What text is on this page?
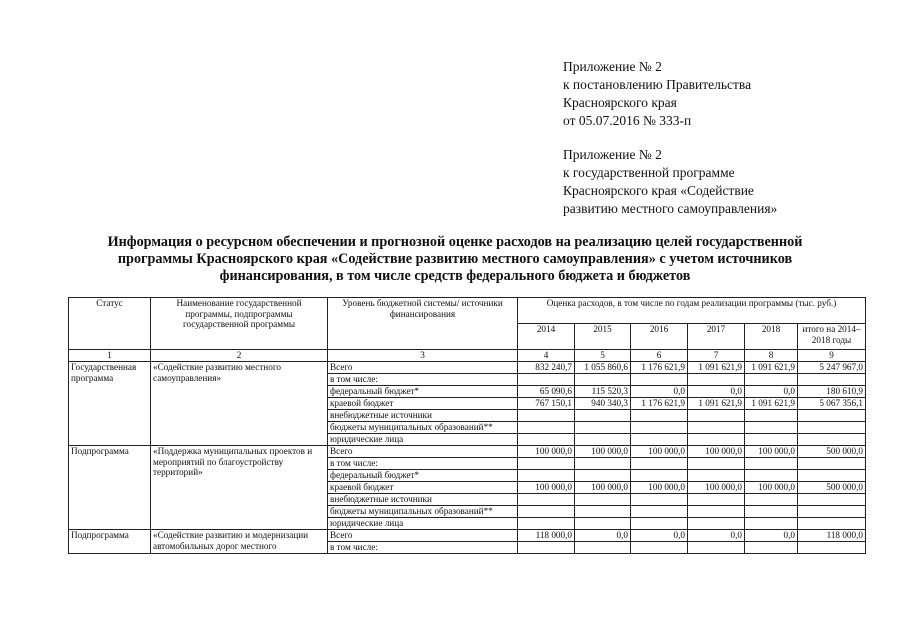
Приложение № 2
к постановлению Правительства
Красноярского края
от 05.07.2016 № 333-п
Приложение № 2
к государственной программе
Красноярского края «Содействие
развитию местного самоуправления»
Информация о ресурсном обеспечении и прогнозной оценке расходов на реализацию целей государственной
программы Красноярского края «Содействие развитию местного самоуправления» с учетом источников
финансирования, в том числе средств федерального бюджета и бюджетов
Статус	Наименование государственной программы, подпрограммы государственной программы	Уровень бюджетной системы/ источники финансирования	Оценка расходов, в том числе по годам реализации программы (тыс. руб.)					
			2014	2015	2016	2017	2018	итого на 2014–2018 годы
1	2	3	4	5	6	7	8	9
Государственная программа	«Содействие развитию местного самоуправления»	Всего	832 240,7	1 055 860,6	1 176 621,9	1 091 621,9	1 091 621,9	5 247 967,0
		в том числе:						
		федеральный бюджет*	65 090,6	115 520,3	0,0	0,0	0,0	180 610,9
		краевой бюджет	767 150,1	940 340,3	1 176 621,9	1 091 621,9	1 091 621,9	5 067 356,1
		внебюджетные источники						
		бюджеты муниципальных образований**						
		юридические лица						
Подпрограмма	«Поддержка муниципальных проектов и мероприятий по благоустройству территорий»	Всего	100 000,0	100 000,0	100 000,0	100 000,0	100 000,0	500 000,0
		в том числе:						
		федеральный бюджет*						
		краевой бюджет	100 000,0	100 000,0	100 000,0	100 000,0	100 000,0	500 000,0
		внебюджетные источники						
		бюджеты муниципальных образований**						
		юридические лица						
Подпрограмма	«Содействие развитию и модернизации автомобильных дорог местного	Всего	118 000,0	0,0	0,0	0,0	0,0	118 000,0
		в том числе:						
